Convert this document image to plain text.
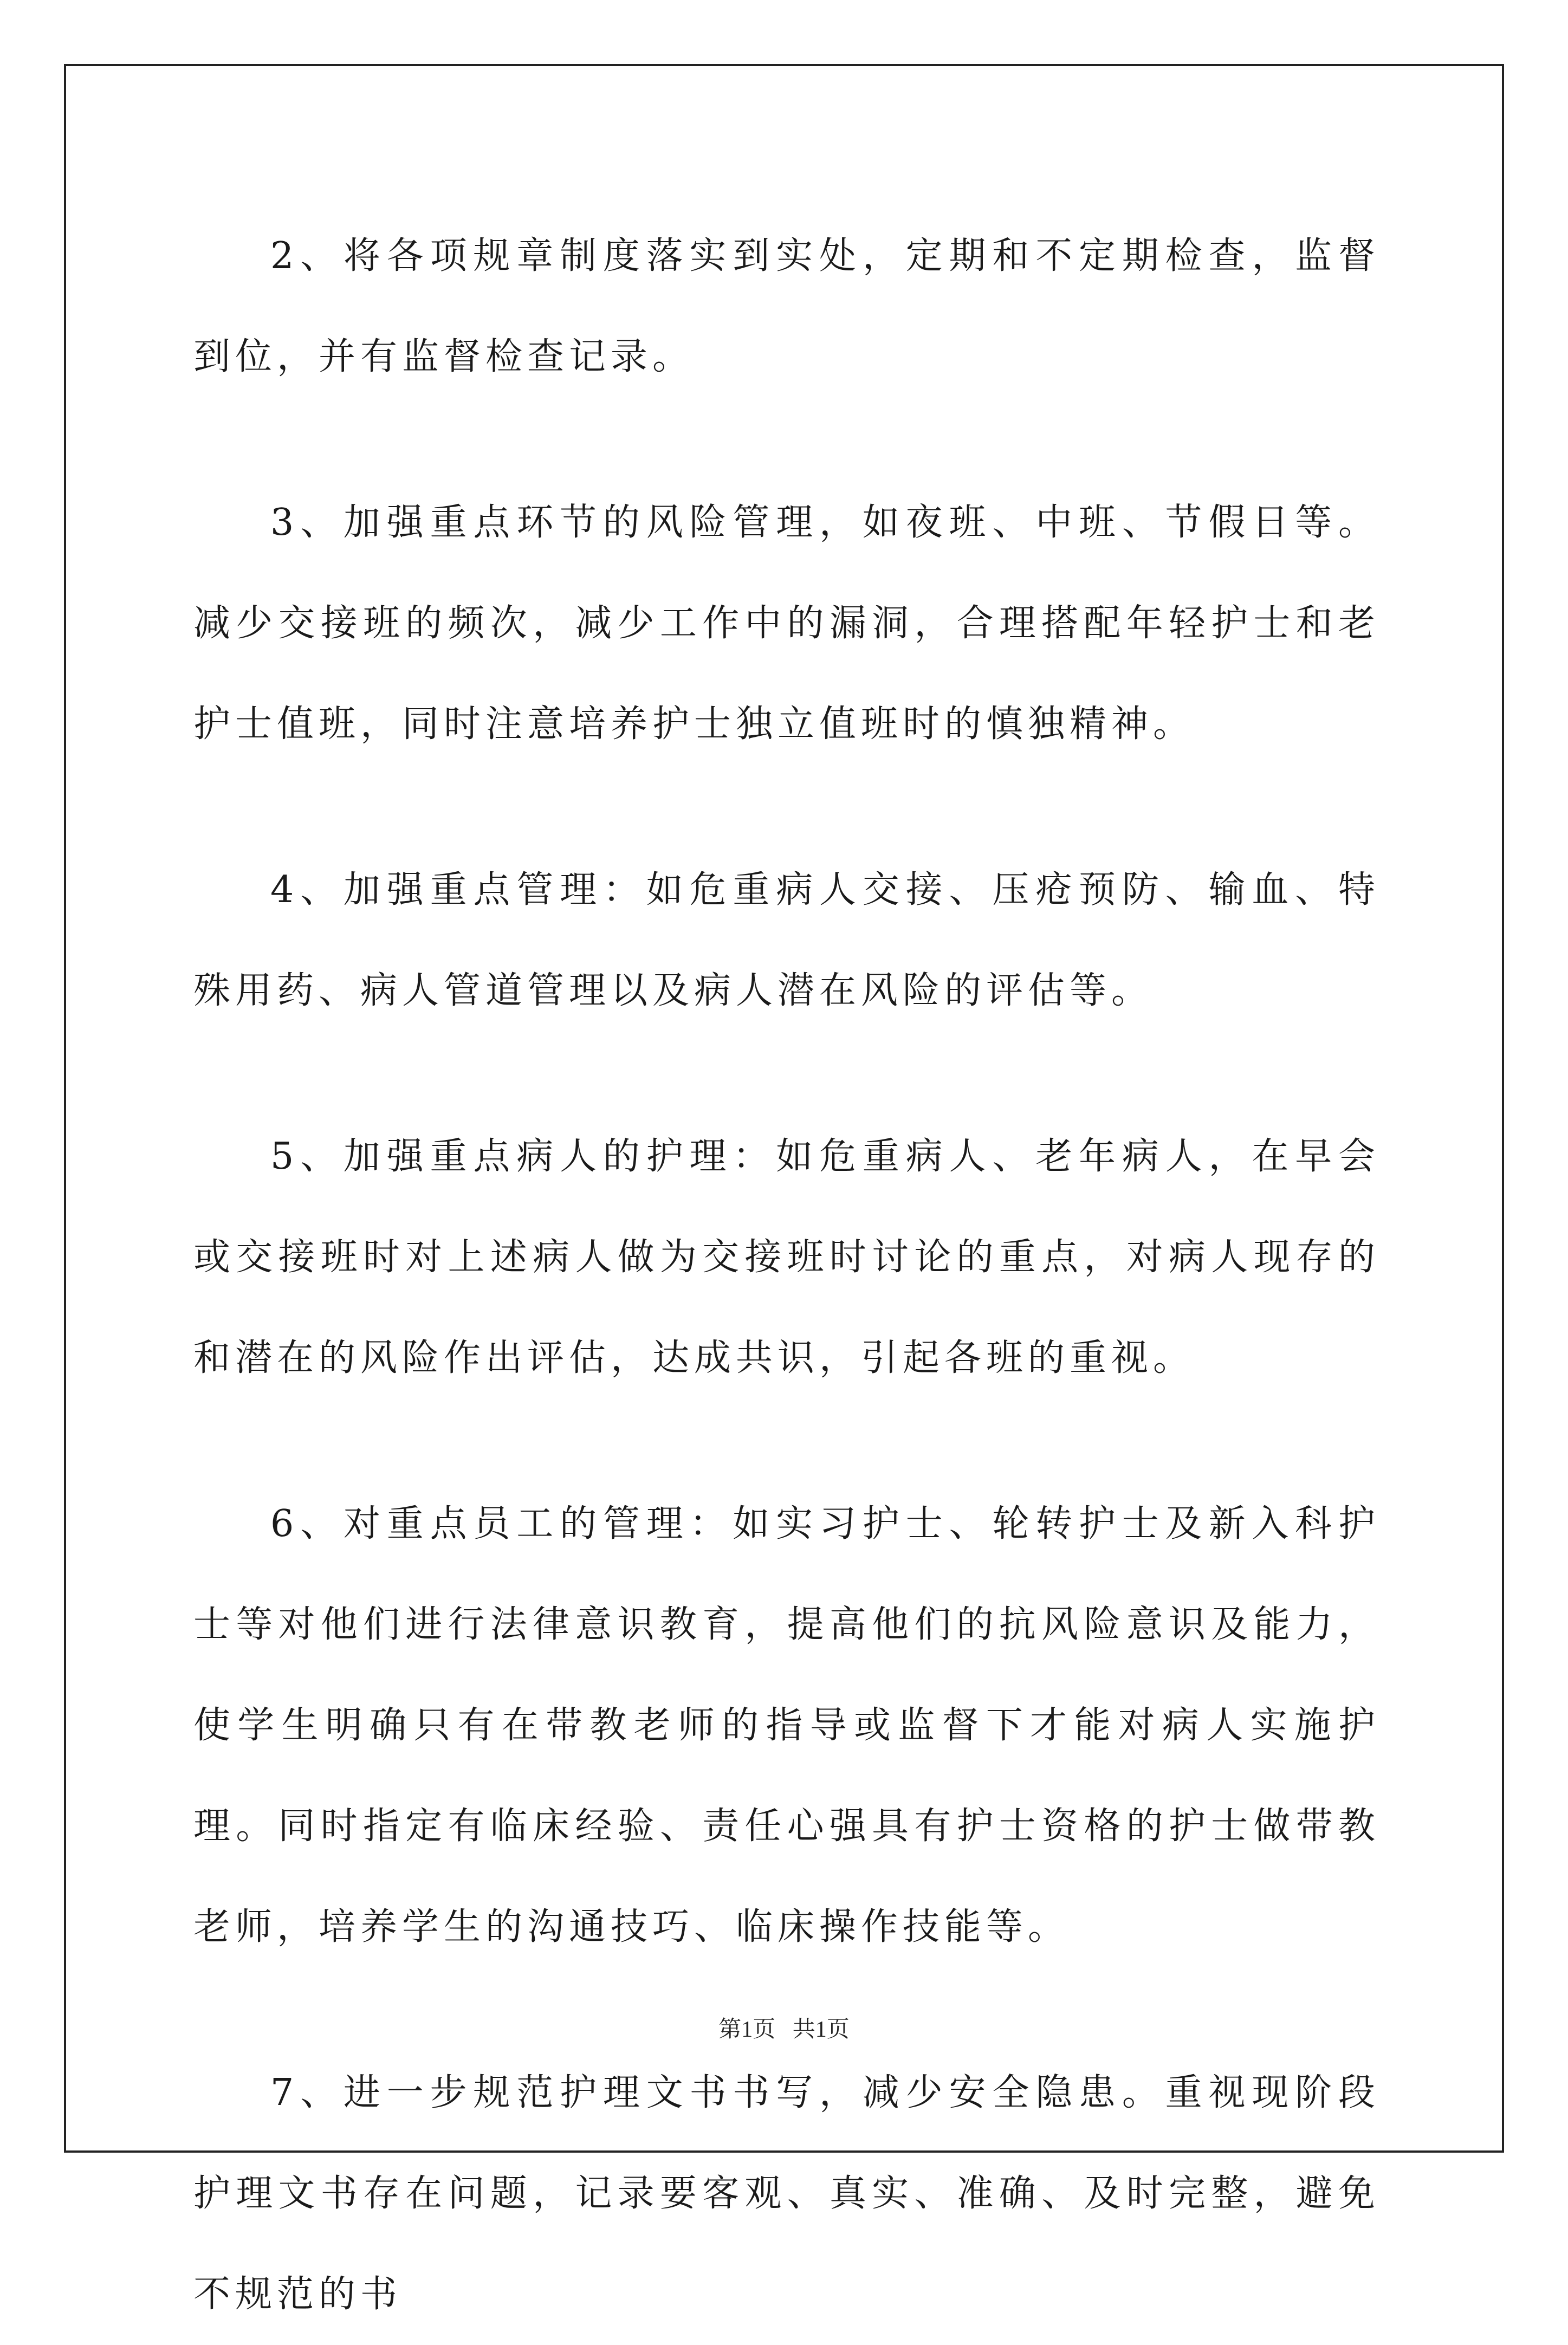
2、将各项规章制度落实到实处，定期和不定期检查，监督到位，并有监督检查记录。

3、加强重点环节的风险管理，如夜班、中班、节假日等。减少交接班的频次，减少工作中的漏洞，合理搭配年轻护士和老护士值班，同时注意培养护士独立值班时的慎独精神。

4、加强重点管理：如危重病人交接、压疮预防、输血、特殊用药、病人管道管理以及病人潜在风险的评估等。

5、加强重点病人的护理：如危重病人、老年病人，在早会或交接班时对上述病人做为交接班时讨论的重点，对病人现存的和潜在的风险作出评估，达成共识，引起各班的重视。

6、对重点员工的管理：如实习护士、轮转护士及新入科护士等对他们进行法律意识教育，提高他们的抗风险意识及能力，使学生明确只有在带教老师的指导或监督下才能对病人实施护理。同时指定有临床经验、责任心强具有护士资格的护士做带教老师，培养学生的沟通技巧、临床操作技能等。

7、进一步规范护理文书书写，减少安全隐患。重视现阶段护理文书存在问题，记录要客观、真实、准确、及时完整，避免不规范的书

第1页   共1页
